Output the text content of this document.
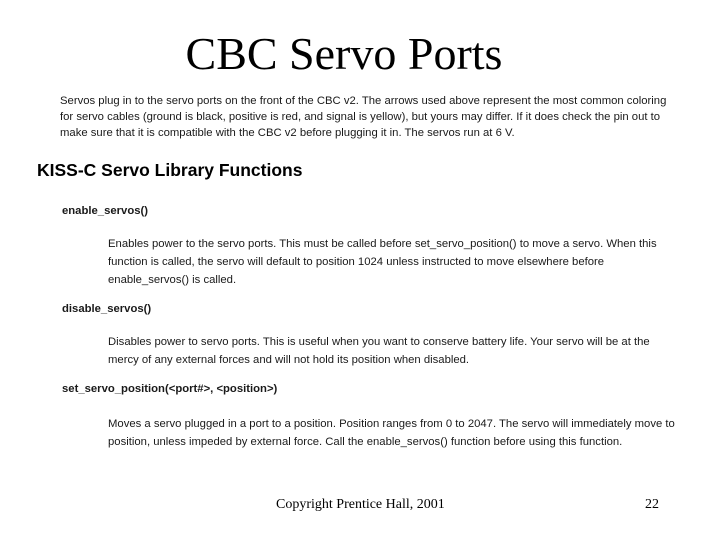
CBC Servo Ports
Servos plug in to the servo ports on the front of the CBC v2. The arrows used above represent the most common coloring for servo cables (ground is black, positive is red, and signal is yellow), but yours may differ. If it does check the pin out to make sure that it is compatible with the CBC v2 before plugging it in. The servos run at 6 V.
KISS-C Servo Library Functions
enable_servos()
Enables power to the servo ports. This must be called before set_servo_position() to move a servo. When this function is called, the servo will default to position 1024 unless instructed to move elsewhere before enable_servos() is called.
disable_servos()
Disables power to servo ports. This is useful when you want to conserve battery life. Your servo will be at the mercy of any external forces and will not hold its position when disabled.
set_servo_position(<port#>, <position>)
Moves a servo plugged in a port to a position. Position ranges from 0 to 2047. The servo will immediately move to position, unless impeded by external force. Call the enable_servos() function before using this function.
Copyright Prentice Hall, 2001	22
